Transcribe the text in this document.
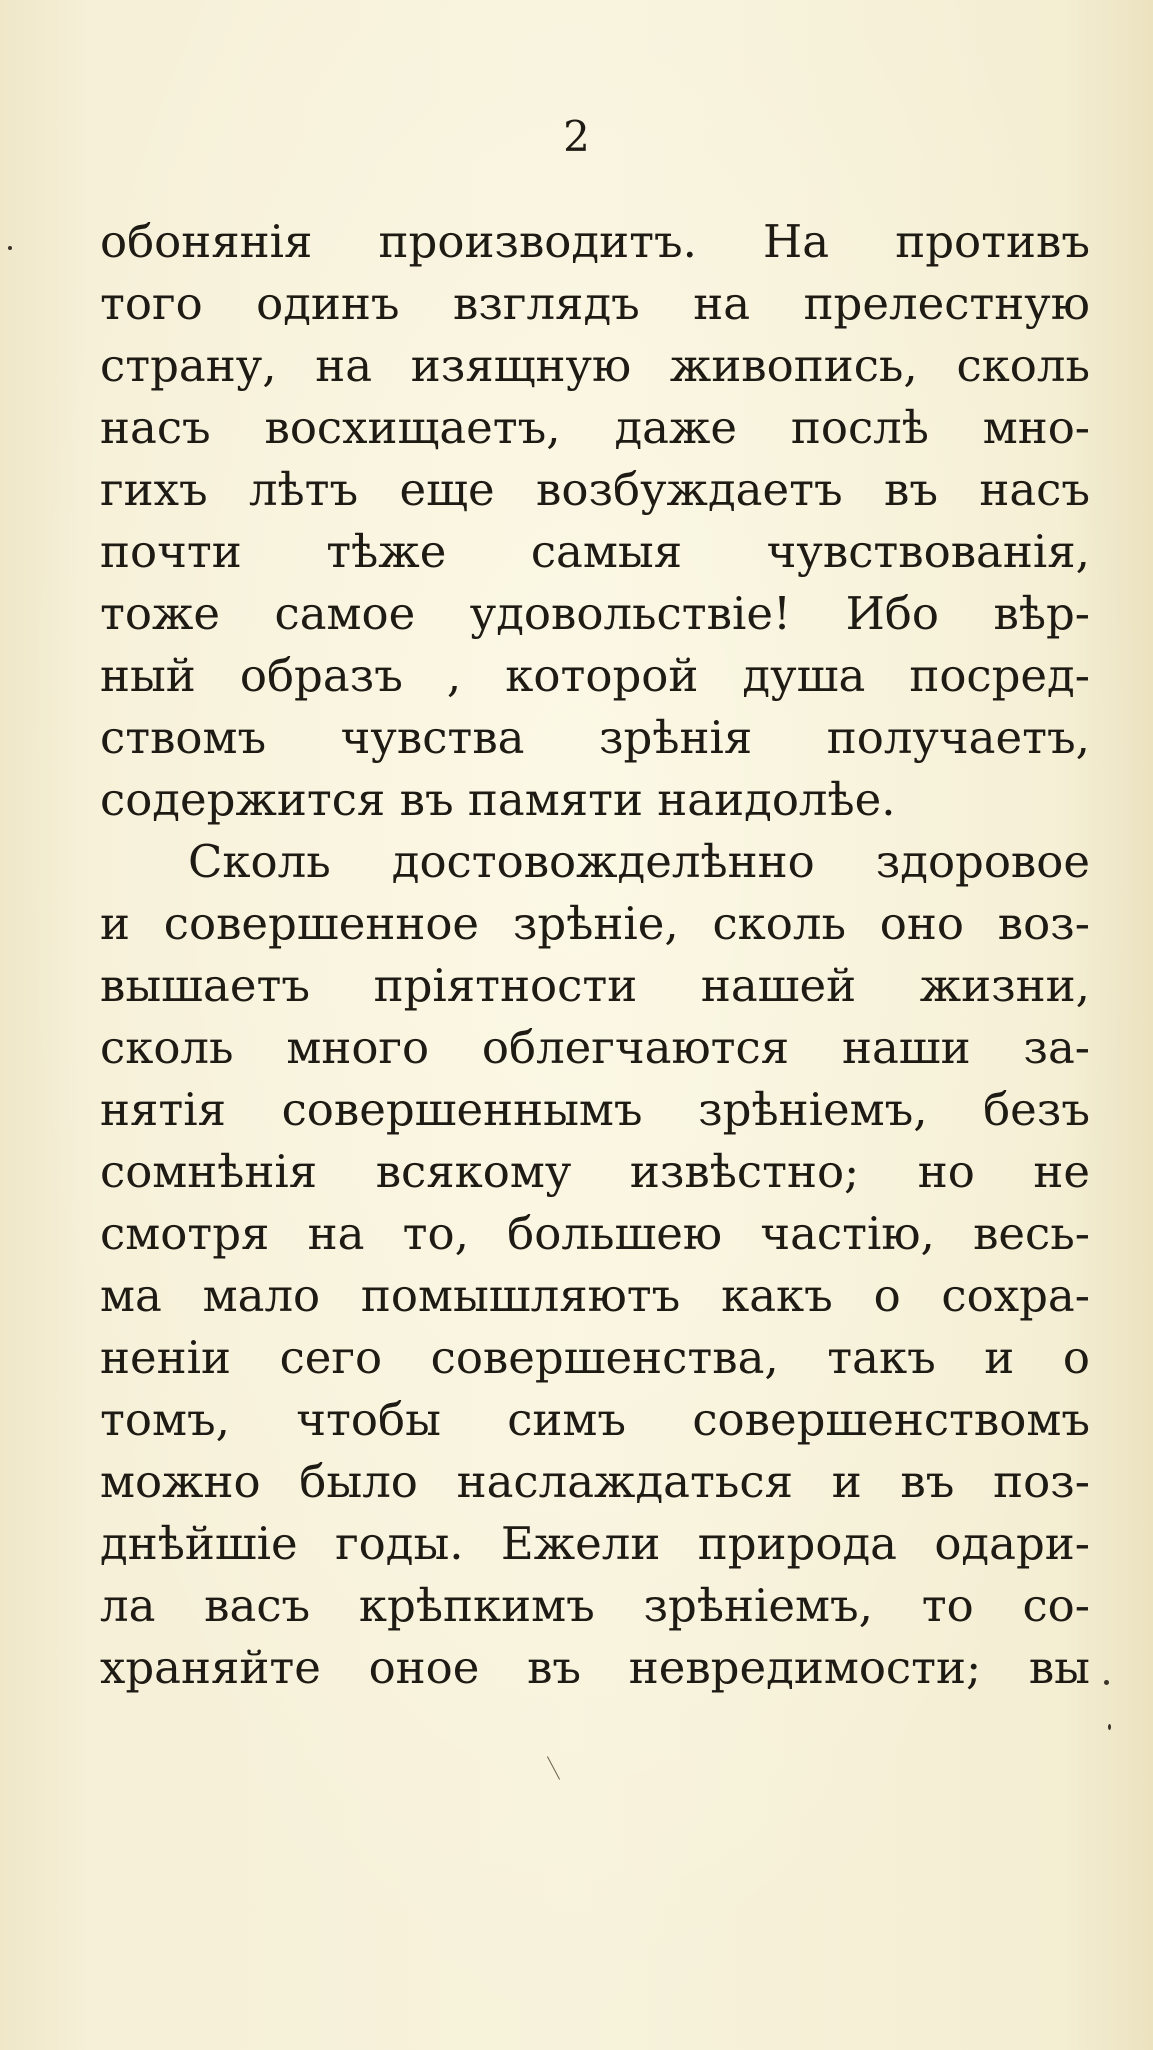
2
обонянія производитъ. На противъ
того одинъ взглядъ на прелестную
страну, на изящную живопись, сколь
насъ восхищаетъ, даже послѣ мно-
гихъ лѣтъ еще возбуждаетъ въ насъ
почти тѣже самыя чувствованія,
тоже самое удовольствіе! Ибо вѣр-
ный образъ , которой душа посред-
ствомъ чувства зрѣнія получаетъ,
содержится въ памяти наидолѣе.
Сколь достовожделѣнно здоровое
и совершенное зрѣніе, сколь оно воз-
вышаетъ пріятности нашей жизни,
сколь много облегчаются наши за-
нятія совершеннымъ зрѣніемъ, безъ
сомнѣнія всякому извѣстно; но не
смотря на то, большею частію, весь-
ма мало помышляютъ какъ о сохра-
неніи сего совершенства, такъ и о
томъ, чтобы симъ совершенствомъ
можно было наслаждаться и въ поз-
днѣйшіе годы. Ежели природа одари-
ла васъ крѣпкимъ зрѣніемъ, то со-
храняйте оное въ невредимости; вы
